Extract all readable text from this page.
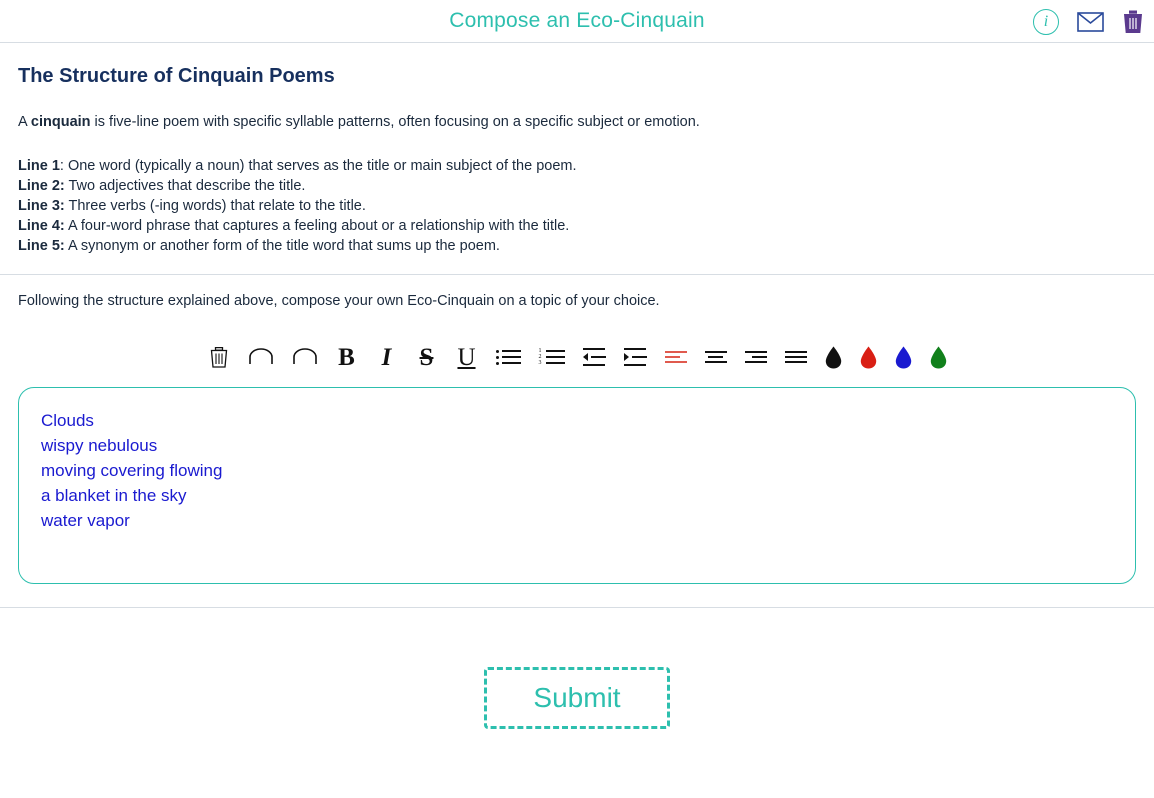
Compose an Eco-Cinquain	i
The Structure of Cinquain Poems

A cinquain is five-line poem with specific syllable patterns, often focusing on a specific subject or emotion.

Line 1: One word (typically a noun) that serves as the title or main subject of the poem.
Line 2: Two adjectives that describe the title.
Line 3: Three verbs (-ing words) that relate to the title.
Line 4: A four-word phrase that captures a feeling about or a relationship with the title.
Line 5: A synonym or another form of the title word that sums up the poem.

Following the structure explained above, compose your own Eco-Cinquain on a topic of your choice.

B I S U	1
2
3

Clouds

wispy nebulous

moving covering flowing

a blanket in the sky

water vapor

Submit
